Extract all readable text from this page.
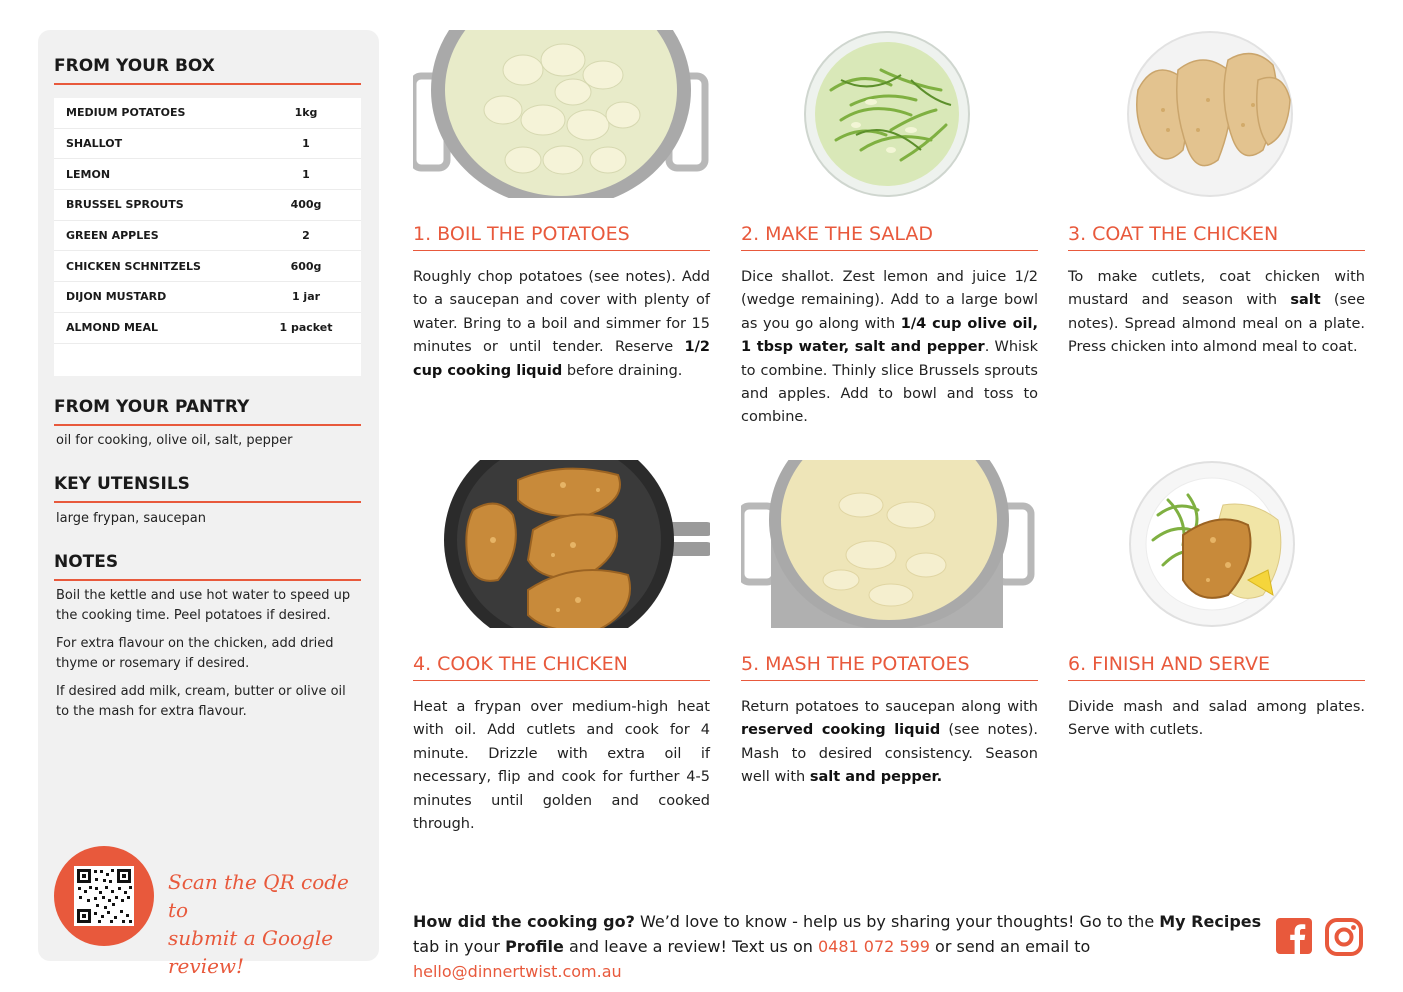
FROM YOUR BOX
MEDIUM POTATOES	1kg
SHALLOT	1
LEMON	1
BRUSSEL SPROUTS	400g
GREEN APPLES	2
CHICKEN SCHNITZELS	600g
DIJON MUSTARD	1 jar
ALMOND MEAL	1 packet
FROM YOUR PANTRY
oil for cooking, olive oil, salt, pepper
KEY UTENSILS
large frypan, saucepan
NOTES

Boil the kettle and use hot water to speed up the cooking time. Peel potatoes if desired.

For extra flavour on the chicken, add dried thyme or rosemary if desired.

If desired add milk, cream, butter or olive oil to the mash for extra flavour.

Scan the QR code to
submit a Google review!
1. BOIL THE POTATOES
Roughly chop potatoes (see notes). Add to a saucepan and cover with plenty of water. Bring to a boil and simmer for 15 minutes or until tender. Reserve 1/2 cup cooking liquid before draining.
2. MAKE THE SALAD
Dice shallot. Zest lemon and juice 1/2 (wedge remaining). Add to a large bowl as you go along with 1/4 cup olive oil, 1 tbsp water, salt and pepper. Whisk to combine. Thinly slice Brussels sprouts and apples. Add to bowl and toss to combine.
3. COAT THE CHICKEN
To make cutlets, coat chicken with mustard and season with salt (see notes). Spread almond meal on a plate. Press chicken into almond meal to coat.
4. COOK THE CHICKEN
Heat a frypan over medium-high heat with oil. Add cutlets and cook for 4 minute. Drizzle with extra oil if necessary, flip and cook for further 4-5 minutes until golden and cooked through.
5. MASH THE POTATOES
Return potatoes to saucepan along with reserved cooking liquid (see notes). Mash to desired consistency. Season well with salt and pepper.
6. FINISH AND SERVE
Divide mash and salad among plates. Serve with cutlets.
How did the cooking go? We’d love to know - help us by sharing your thoughts! Go to the My Recipes tab in your Profile and leave a review! Text us on 0481 072 599 or send an email to hello@dinnertwist.com.au
